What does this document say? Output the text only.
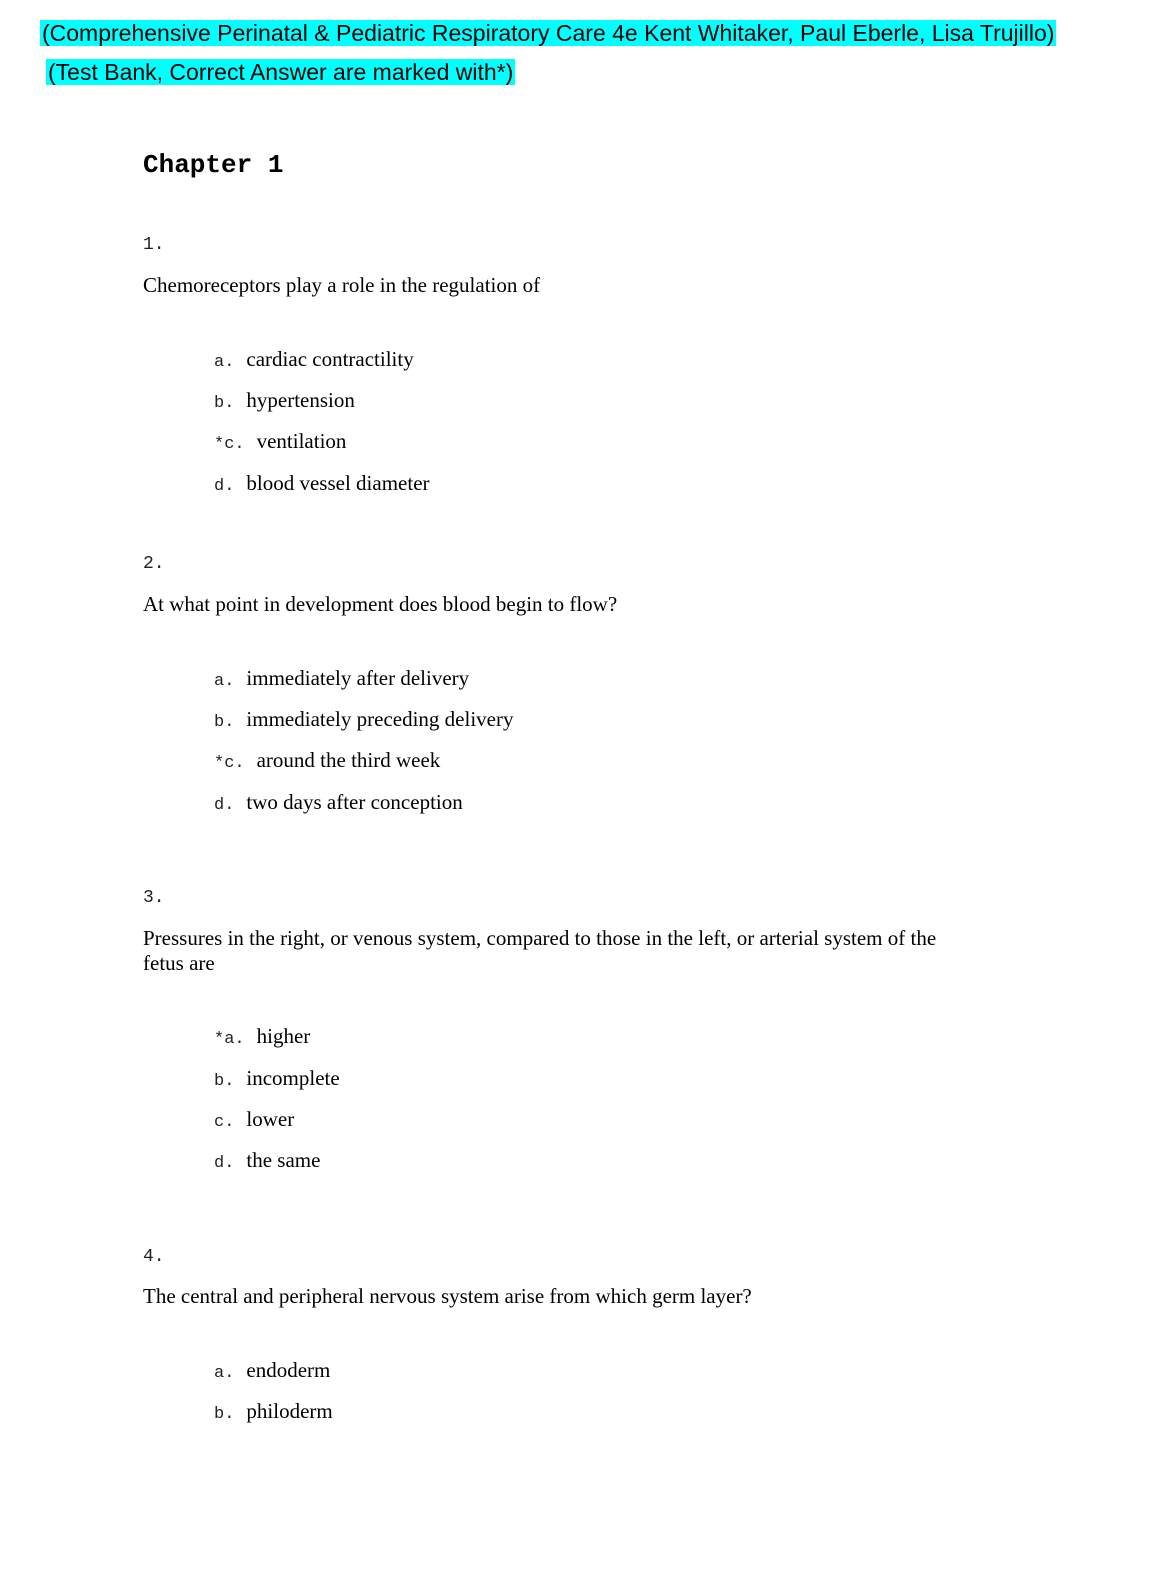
(Comprehensive Perinatal & Pediatric Respiratory Care 4e Kent Whitaker, Paul Eberle, Lisa Trujillo)
(Test Bank, Correct Answer are marked with*)
Chapter 1
1.
Chemoreceptors play a role in the regulation of
a. cardiac contractility
b. hypertension
*c. ventilation
d. blood vessel diameter
2.
At what point in development does blood begin to flow?
a. immediately after delivery
b. immediately preceding delivery
*c. around the third week
d. two days after conception
3.
Pressures in the right, or venous system, compared to those in the left, or arterial system of the fetus are
*a. higher
b. incomplete
c. lower
d. the same
4.
The central and peripheral nervous system arise from which germ layer?
a. endoderm
b. philoderm
